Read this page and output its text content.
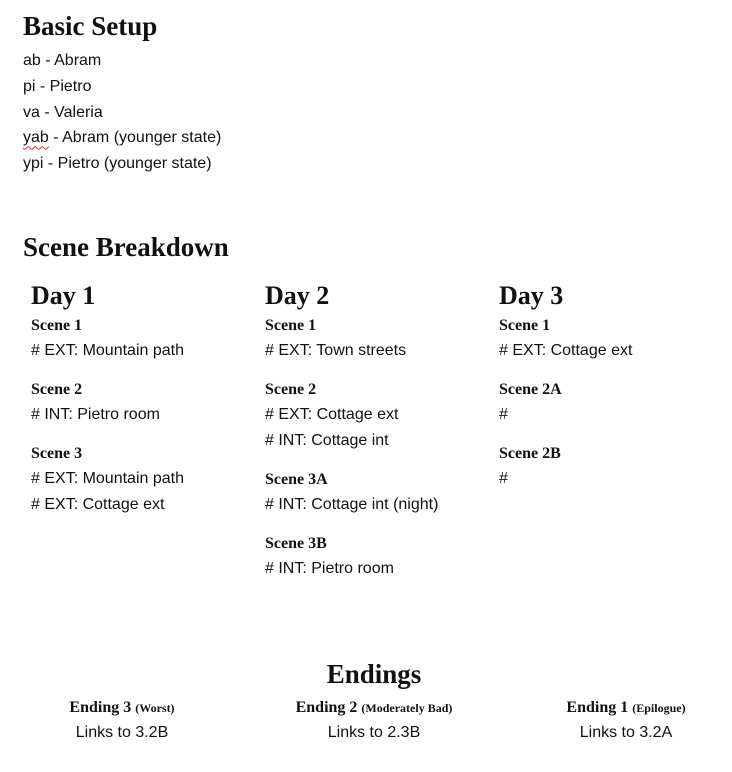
Basic Setup
ab - Abram
pi - Pietro
va - Valeria
yab - Abram (younger state)
ypi - Pietro (younger state)
Scene Breakdown
Day 1
Scene 1
# EXT: Mountain path
Scene 2
# INT: Pietro room
Scene 3
# EXT: Mountain path
# EXT: Cottage ext
Day 2
Scene 1
# EXT: Town streets
Scene 2
# EXT: Cottage ext
# INT: Cottage int
Scene 3A
# INT: Cottage int (night)
Scene 3B
# INT: Pietro room
Day 3
Scene 1
# EXT: Cottage ext
Scene 2A
#
Scene 2B
#
Endings
Ending 3 (Worst)
Links to 3.2B
Ending 2 (Moderately Bad)
Links to 2.3B
Ending 1 (Epilogue)
Links to 3.2A
